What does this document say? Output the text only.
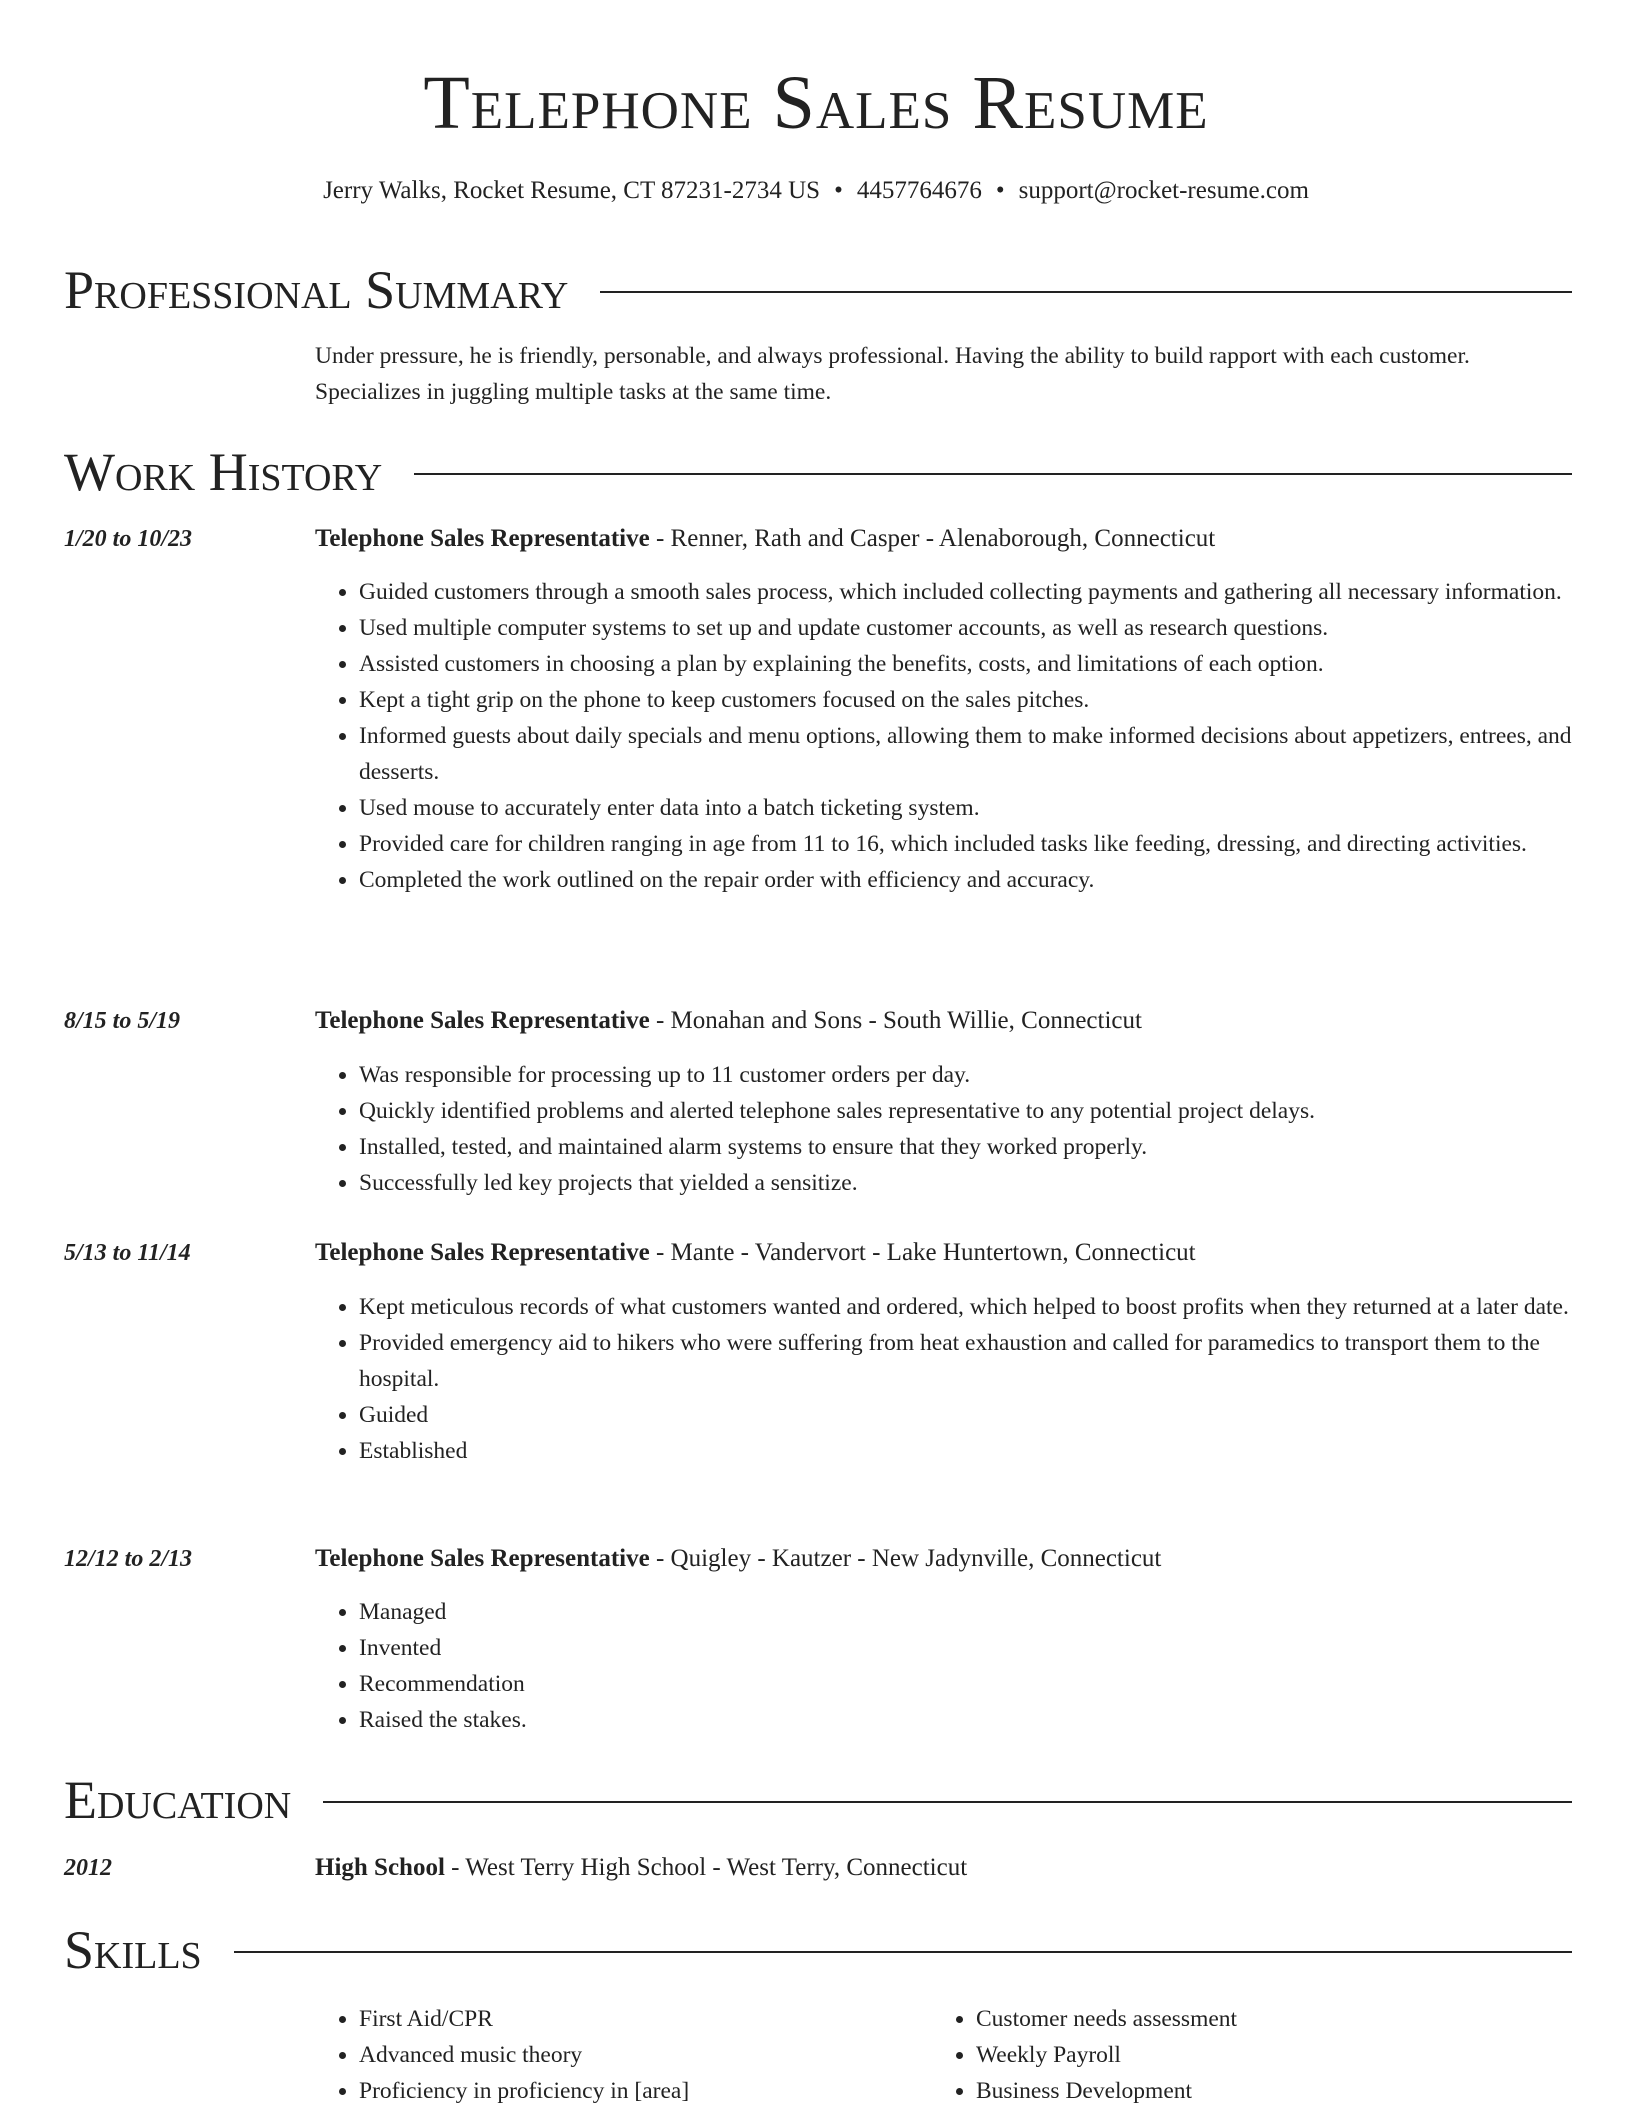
Telephone Sales Resume
Jerry Walks, Rocket Resume, CT 87231-2734 US • 4457764676 • support@rocket-resume.com
Professional Summary
Under pressure, he is friendly, personable, and always professional. Having the ability to build rapport with each customer. Specializes in juggling multiple tasks at the same time.
Work History
1/20 to 10/23	Telephone Sales Representative - Renner, Rath and Casper - Alenaborough, Connecticut
• Guided customers through a smooth sales process, which included collecting payments and gathering all necessary information.
• Used multiple computer systems to set up and update customer accounts, as well as research questions.
• Assisted customers in choosing a plan by explaining the benefits, costs, and limitations of each option.
• Kept a tight grip on the phone to keep customers focused on the sales pitches.
• Informed guests about daily specials and menu options, allowing them to make informed decisions about appetizers, entrees, and desserts.
• Used mouse to accurately enter data into a batch ticketing system.
• Provided care for children ranging in age from 11 to 16, which included tasks like feeding, dressing, and directing activities.
• Completed the work outlined on the repair order with efficiency and accuracy.
8/15 to 5/19	Telephone Sales Representative - Monahan and Sons - South Willie, Connecticut
• Was responsible for processing up to 11 customer orders per day.
• Quickly identified problems and alerted telephone sales representative to any potential project delays.
• Installed, tested, and maintained alarm systems to ensure that they worked properly.
• Successfully led key projects that yielded a sensitize.
5/13 to 11/14	Telephone Sales Representative - Mante - Vandervort - Lake Huntertown, Connecticut
• Kept meticulous records of what customers wanted and ordered, which helped to boost profits when they returned at a later date.
• Provided emergency aid to hikers who were suffering from heat exhaustion and called for paramedics to transport them to the hospital.
• Guided
• Established
12/12 to 2/13	Telephone Sales Representative - Quigley - Kautzer - New Jadynville, Connecticut
• Managed
• Invented
• Recommendation
• Raised the stakes.
Education
2012	High School - West Terry High School - West Terry, Connecticut
Skills
• First Aid/CPR
• Advanced music theory
• Proficiency in proficiency in [area]
• Customer needs assessment
• Weekly Payroll
• Business Development
